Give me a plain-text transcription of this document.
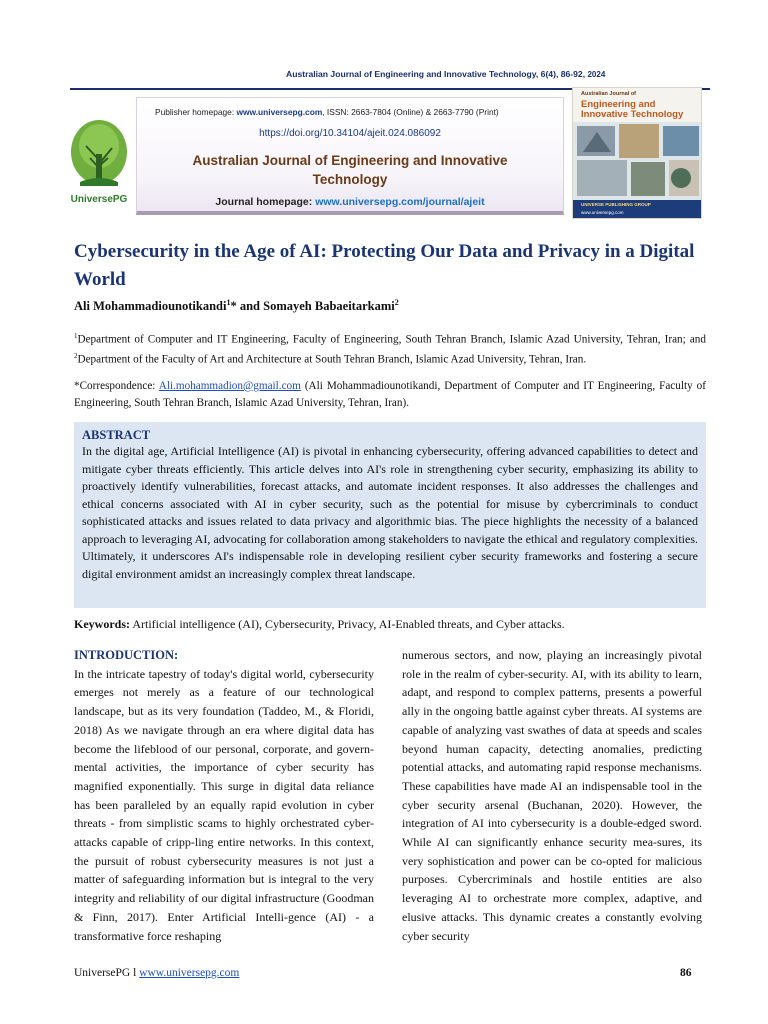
Australian Journal of Engineering and Innovative Technology, 6(4), 86-92, 2024
UniversePG
Publisher homepage: www.universepg.com, ISSN: 2663-7804 (Online) & 2663-7790 (Print)
https://doi.org/10.34104/ajeit.024.086092
Australian Journal of Engineering and Innovative
Technology
Journal homepage: www.universepg.com/journal/ajeit
Australian Journal of
Engineering and
Innovative Technology
UNIVERSE PUBLISHING GROUP
www.universepg.com
Cybersecurity in the Age of AI: Protecting Our Data and Privacy in a Digital World
Ali Mohammadiounotikandi$^1$* and Somayeh Babaeitarkami$^2$
$^1$Department of Computer and IT Engineering, Faculty of Engineering, South Tehran Branch, Islamic Azad University, Tehran, Iran; and $^2$Department of the Faculty of Art and Architecture at South Tehran Branch, Islamic Azad University, Tehran, Iran.
*Correspondence: Ali.mohammadion@gmail.com (Ali Mohammadiounotikandi, Department of Computer and IT Engineering, Faculty of Engineering, South Tehran Branch, Islamic Azad University, Tehran, Iran).
ABSTRACT
In the digital age, Artificial Intelligence (AI) is pivotal in enhancing cybersecurity, offering advanced capabilities to detect and mitigate cyber threats efficiently. This article delves into AI's role in strengthening cyber security, emphasizing its ability to proactively identify vulnerabilities, forecast attacks, and automate incident responses. It also addresses the challenges and ethical concerns associated with AI in cyber security, such as the potential for misuse by cybercriminals to conduct sophisticated attacks and issues related to data privacy and algorithmic bias. The piece highlights the necessity of a balanced approach to leveraging AI, advocating for collaboration among stakeholders to navigate the ethical and regulatory complexities. Ultimately, it underscores AI's indispensable role in developing resilient cyber security frameworks and fostering a secure digital environment amidst an increasingly complex threat landscape.
Keywords: Artificial intelligence (AI), Cybersecurity, Privacy, AI-Enabled threats, and Cyber attacks.
INTRODUCTION:
In the intricate tapestry of today's digital world, cybersecurity emerges not merely as a feature of our technological landscape, but as its very foundation (Taddeo, M., & Floridi, 2018) As we navigate through an era where digital data has become the lifeblood of our personal, corporate, and govern-mental activities, the importance of cyber security has magnified exponentially. This surge in digital data reliance has been paralleled by an equally rapid evolution in cyber threats - from simplistic scams to highly orchestrated cyber-attacks capable of cripp-ling entire networks. In this context, the pursuit of robust cybersecurity measures is not just a matter of safeguarding information but is integral to the very integrity and reliability of our digital infrastructure (Goodman & Finn, 2017). Enter Artificial Intelli-gence (AI) - a transformative force reshaping
numerous sectors, and now, playing an increasingly pivotal role in the realm of cyber-security. AI, with its ability to learn, adapt, and respond to complex patterns, presents a powerful ally in the ongoing battle against cyber threats. AI systems are capable of analyzing vast swathes of data at speeds and scales beyond human capacity, detecting anomalies, predicting potential attacks, and automating rapid response mechanisms. These capabilities have made AI an indispensable tool in the cyber security arsenal (Buchanan, 2020). However, the integration of AI into cybersecurity is a double-edged sword. While AI can significantly enhance security mea-sures, its very sophistication and power can be co-opted for malicious purposes. Cybercriminals and hostile entities are also leveraging AI to orchestrate more complex, adaptive, and elusive attacks. This dynamic creates a constantly evolving cyber security
UniversePG l www.universepg.com	86
